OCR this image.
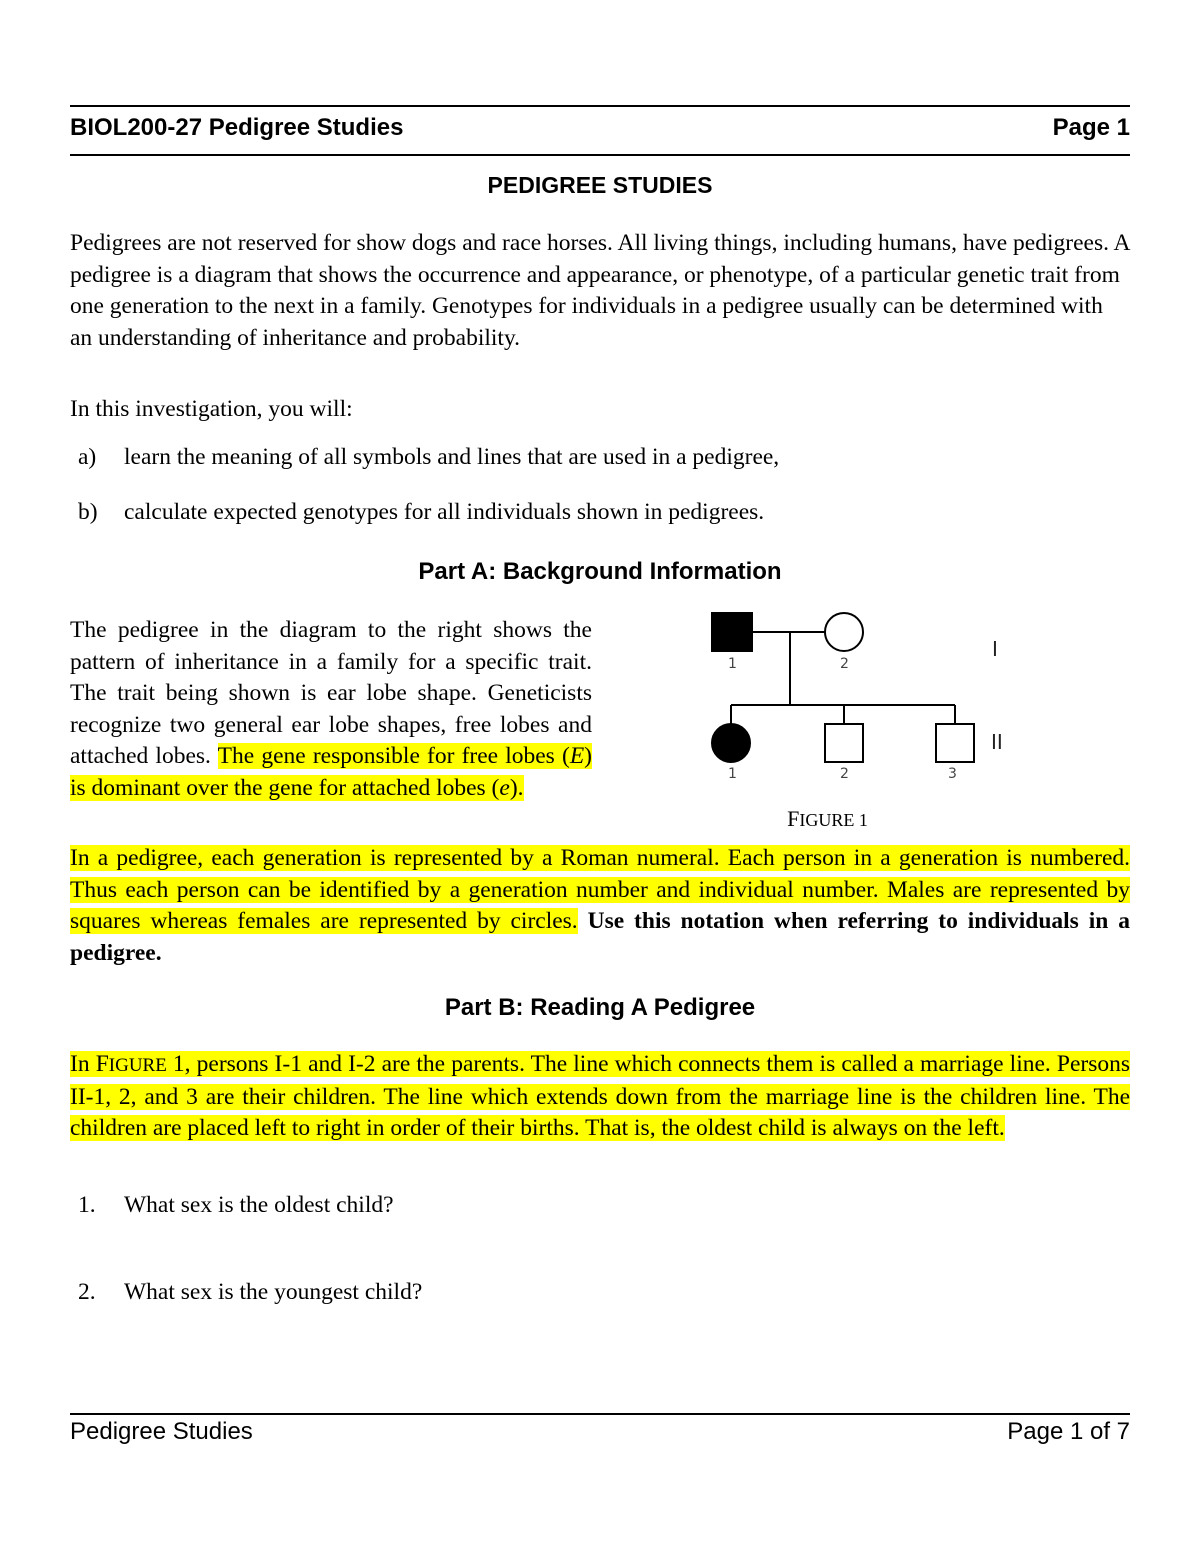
BIOL200-27 Pedigree Studies	Page 1
PEDIGREE STUDIES

Pedigrees are not reserved for show dogs and race horses. All living things, including humans, have pedigrees. A pedigree is a diagram that shows the occurrence and appearance, or phenotype, of a particular genetic trait from one generation to the next in a family. Genotypes for individuals in a pedigree usually can be determined with an understanding of inheritance and probability.

In this investigation, you will:
a) learn the meaning of all symbols and lines that are used in a pedigree,
b) calculate expected genotypes for all individuals shown in pedigrees.
Part A: Background Information

The pedigree in the diagram to the right shows the pattern of inheritance in a family for a specific trait. The trait being shown is ear lobe shape. Geneticists recognize two general ear lobe shapes, free lobes and attached lobes. The gene responsible for free lobes (E) is dominant over the gene for attached lobes (e).

1	2
1	2	3
I
II
FIGURE 1

In a pedigree, each generation is represented by a Roman numeral. Each person in a generation is numbered. Thus each person can be identified by a generation number and individual number. Males are represented by squares whereas females are represented by circles. Use this notation when referring to individuals in a pedigree.

Part B: Reading A Pedigree

In FIGURE 1, persons I-1 and I-2 are the parents. The line which connects them is called a marriage line. Persons II-1, 2, and 3 are their children. The line which extends down from the marriage line is the children line. The children are placed left to right in order of their births. That is, the oldest child is always on the left.

1. What sex is the oldest child?
2. What sex is the youngest child?
Pedigree Studies	Page 1 of 7
